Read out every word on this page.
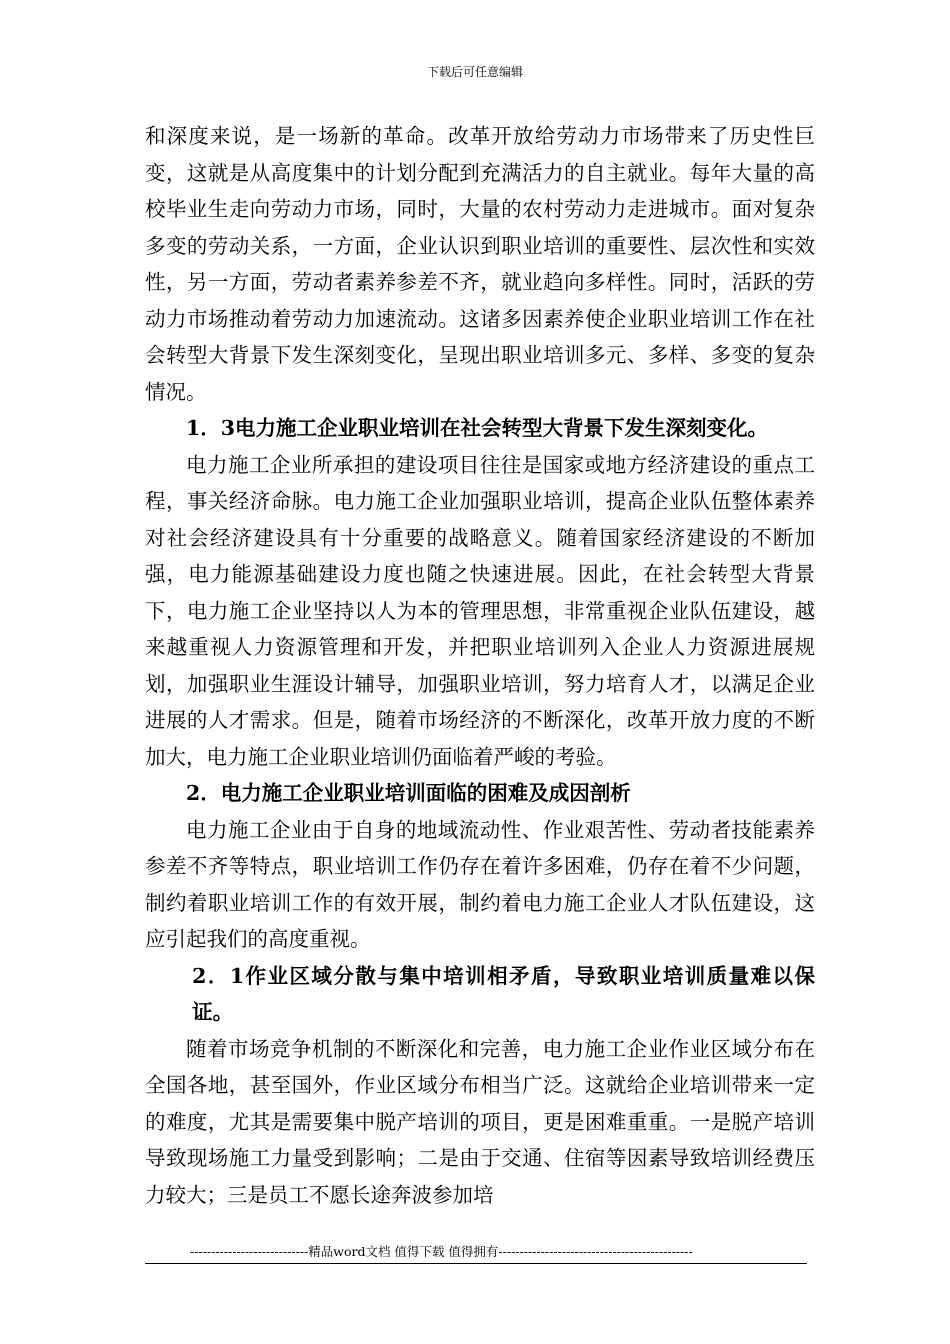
下载后可任意编辑

和深度来说，是一场新的革命。改革开放给劳动力市场带来了历史性巨变，这就是从高度集中的计划分配到充满活力的自主就业。每年大量的高校毕业生走向劳动力市场，同时，大量的农村劳动力走进城市。面对复杂多变的劳动关系，一方面，企业认识到职业培训的重要性、层次性和实效性，另一方面，劳动者素养参差不齐，就业趋向多样性。同时，活跃的劳动力市场推动着劳动力加速流动。这诸多因素养使企业职业培训工作在社会转型大背景下发生深刻变化，呈现出职业培训多元、多样、多变的复杂情况。

1．3电力施工企业职业培训在社会转型大背景下发生深刻变化。

电力施工企业所承担的建设项目往往是国家或地方经济建设的重点工程，事关经济命脉。电力施工企业加强职业培训，提高企业队伍整体素养对社会经济建设具有十分重要的战略意义。随着国家经济建设的不断加强，电力能源基础建设力度也随之快速进展。因此，在社会转型大背景下，电力施工企业坚持以人为本的管理思想，非常重视企业队伍建设，越来越重视人力资源管理和开发，并把职业培训列入企业人力资源进展规划，加强职业生涯设计辅导，加强职业培训，努力培育人才，以满足企业进展的人才需求。但是，随着市场经济的不断深化，改革开放力度的不断加大，电力施工企业职业培训仍面临着严峻的考验。

2．电力施工企业职业培训面临的困难及成因剖析

电力施工企业由于自身的地域流动性、作业艰苦性、劳动者技能素养参差不齐等特点，职业培训工作仍存在着许多困难，仍存在着不少问题，制约着职业培训工作的有效开展，制约着电力施工企业人才队伍建设，这应引起我们的高度重视。

2．1作业区域分散与集中培训相矛盾，导致职业培训质量难以保证。

随着市场竞争机制的不断深化和完善，电力施工企业作业区域分布在全国各地，甚至国外，作业区域分布相当广泛。这就给企业培训带来一定的难度，尤其是需要集中脱产培训的项目，更是困难重重。一是脱产培训导致现场施工力量受到影响；二是由于交通、住宿等因素导致培训经费压力较大；三是员工不愿长途奔波参加培

----------------------------精品word文档 值得下载 值得拥有----------------------------------------------
